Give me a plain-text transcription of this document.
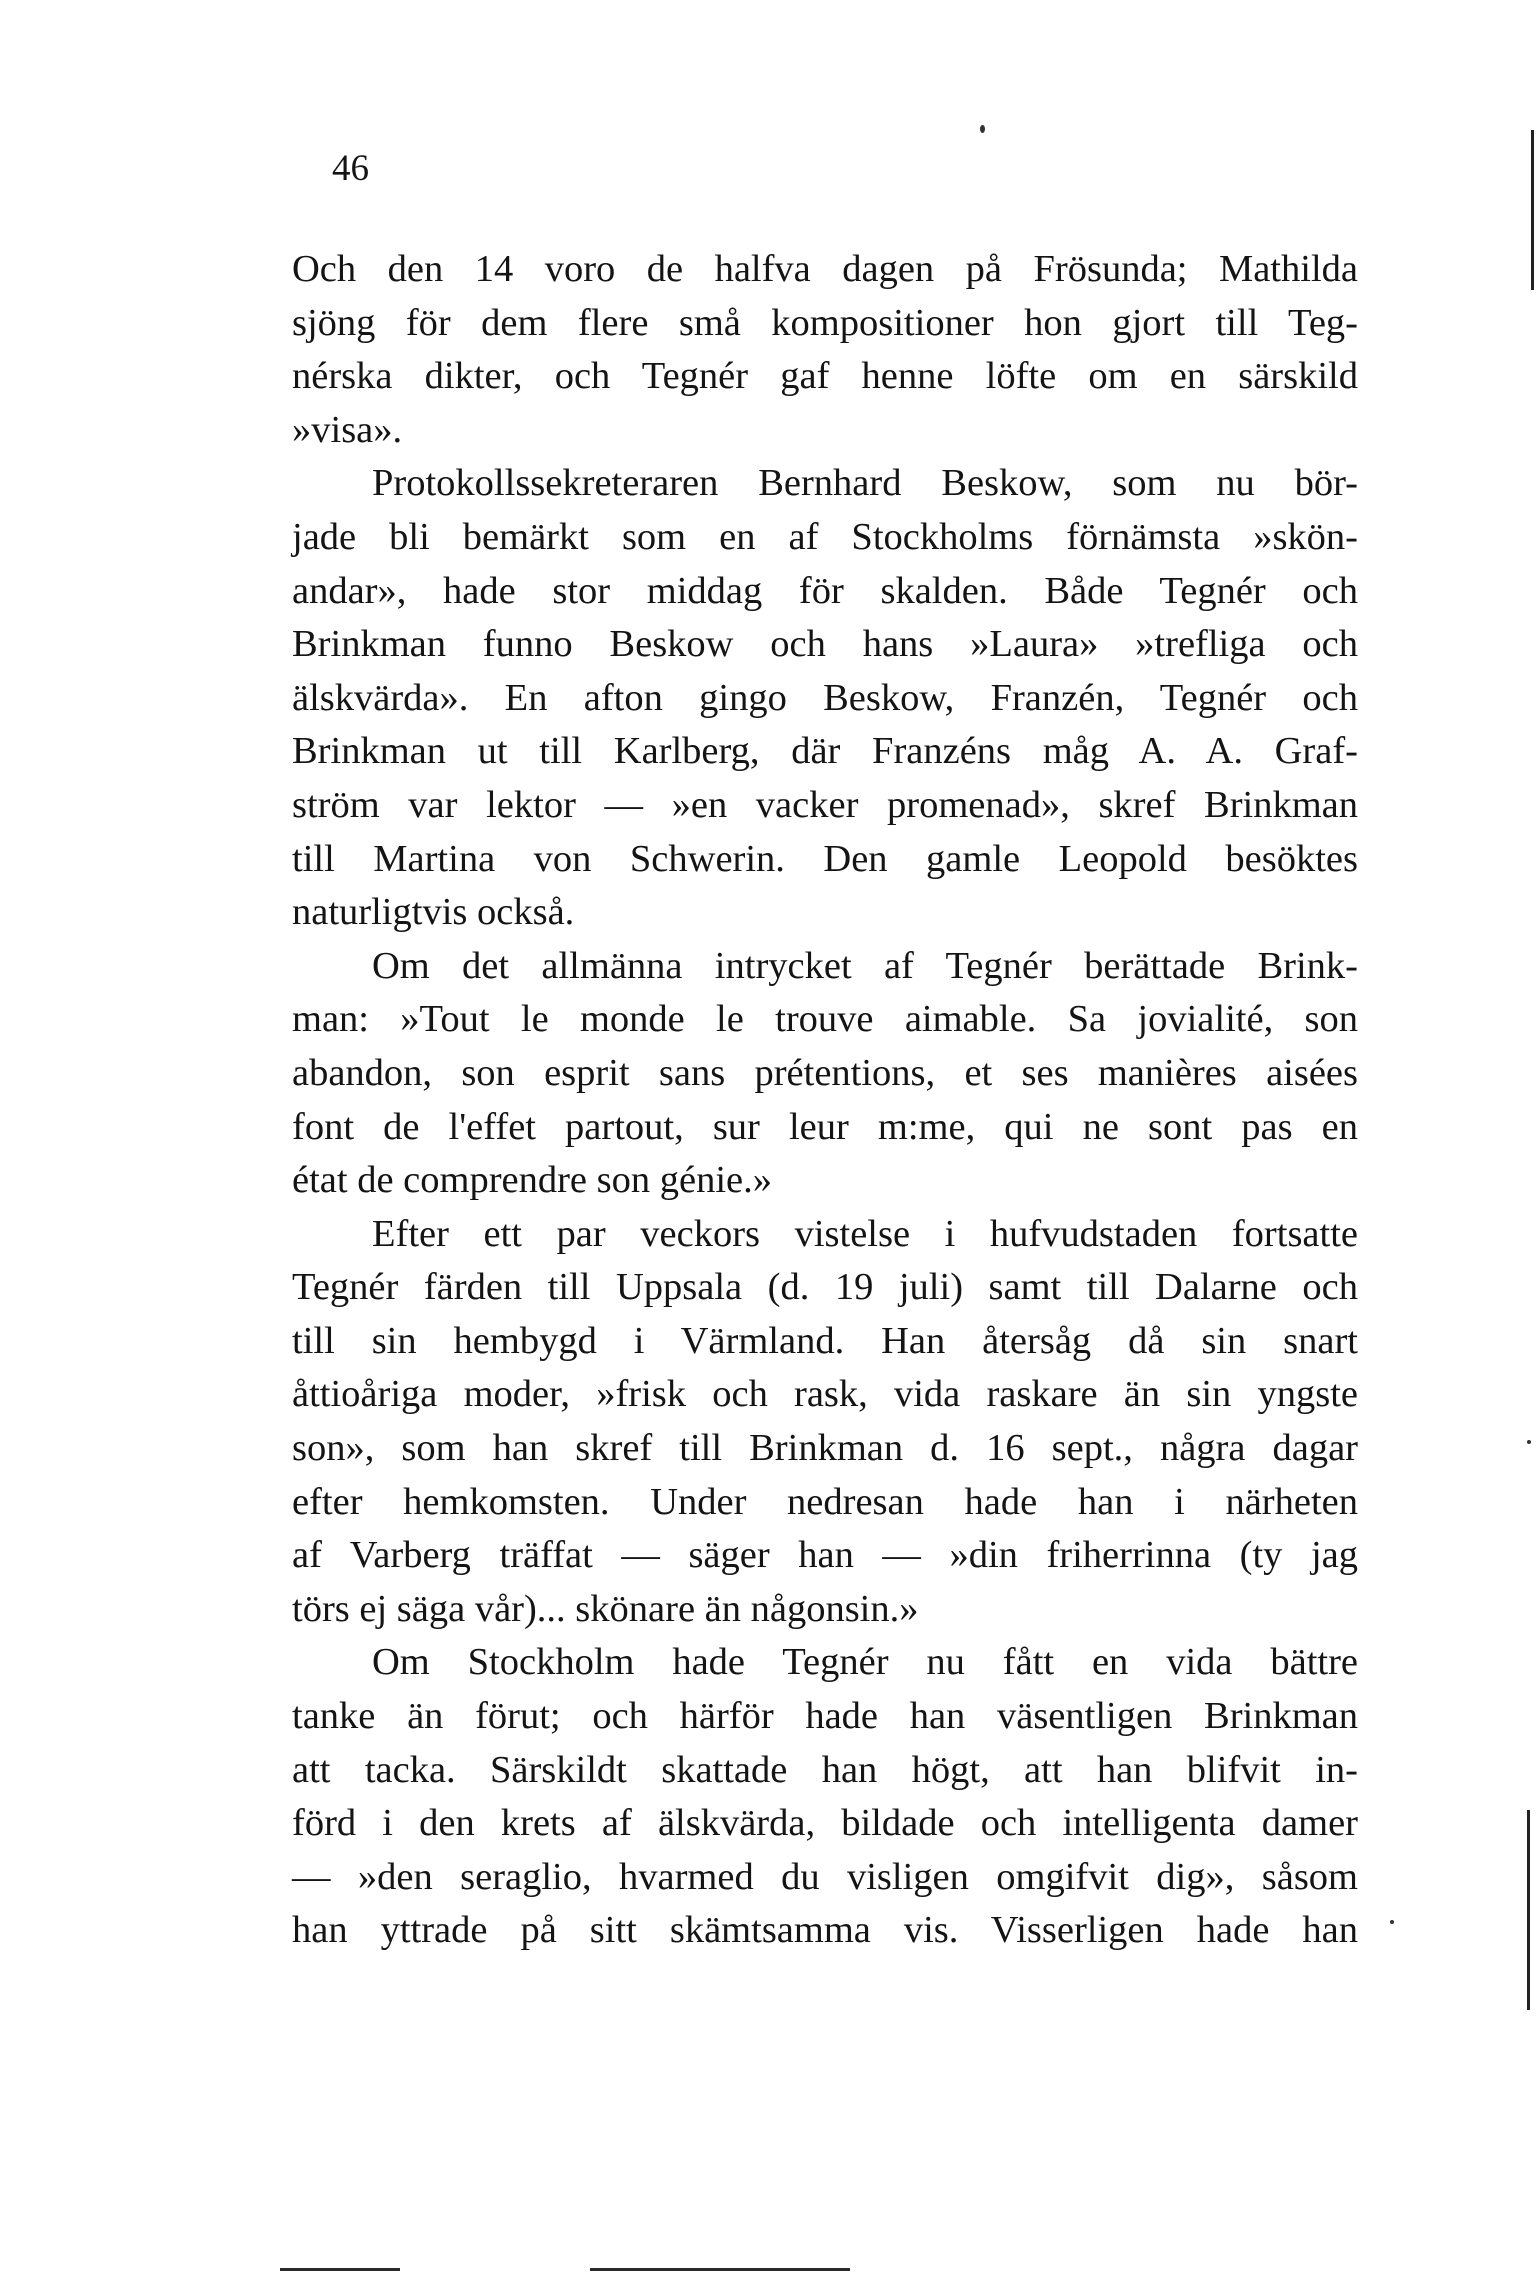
46
Och den 14 voro de halfva dagen på Frösunda; Mathilda
sjöng för dem flere små kompositioner hon gjort till Teg-
nérska dikter, och Tegnér gaf henne löfte om en särskild
»visa».
Protokollssekreteraren Bernhard Beskow, som nu bör-
jade bli bemärkt som en af Stockholms förnämsta »skön-
andar», hade stor middag för skalden. Både Tegnér och
Brinkman funno Beskow och hans »Laura» »trefliga och
älskvärda». En afton gingo Beskow, Franzén, Tegnér och
Brinkman ut till Karlberg, där Franzéns måg A. A. Graf-
ström var lektor — »en vacker promenad», skref Brinkman
till Martina von Schwerin. Den gamle Leopold besöktes
naturligtvis också.
Om det allmänna intrycket af Tegnér berättade Brink-
man: »Tout le monde le trouve aimable. Sa jovialité, son
abandon, son esprit sans prétentions, et ses manières aisées
font de l'effet partout, sur leur m:me, qui ne sont pas en
état de comprendre son génie.»
Efter ett par veckors vistelse i hufvudstaden fortsatte
Tegnér färden till Uppsala (d. 19 juli) samt till Dalarne och
till sin hembygd i Värmland. Han återsåg då sin snart
åttioåriga moder, »frisk och rask, vida raskare än sin yngste
son», som han skref till Brinkman d. 16 sept., några dagar
efter hemkomsten. Under nedresan hade han i närheten
af Varberg träffat — säger han — »din friherrinna (ty jag
törs ej säga vår)... skönare än någonsin.»
Om Stockholm hade Tegnér nu fått en vida bättre
tanke än förut; och härför hade han väsentligen Brinkman
att tacka. Särskildt skattade han högt, att han blifvit in-
förd i den krets af älskvärda, bildade och intelligenta damer
— »den seraglio, hvarmed du visligen omgifvit dig», såsom
han yttrade på sitt skämtsamma vis. Visserligen hade han
